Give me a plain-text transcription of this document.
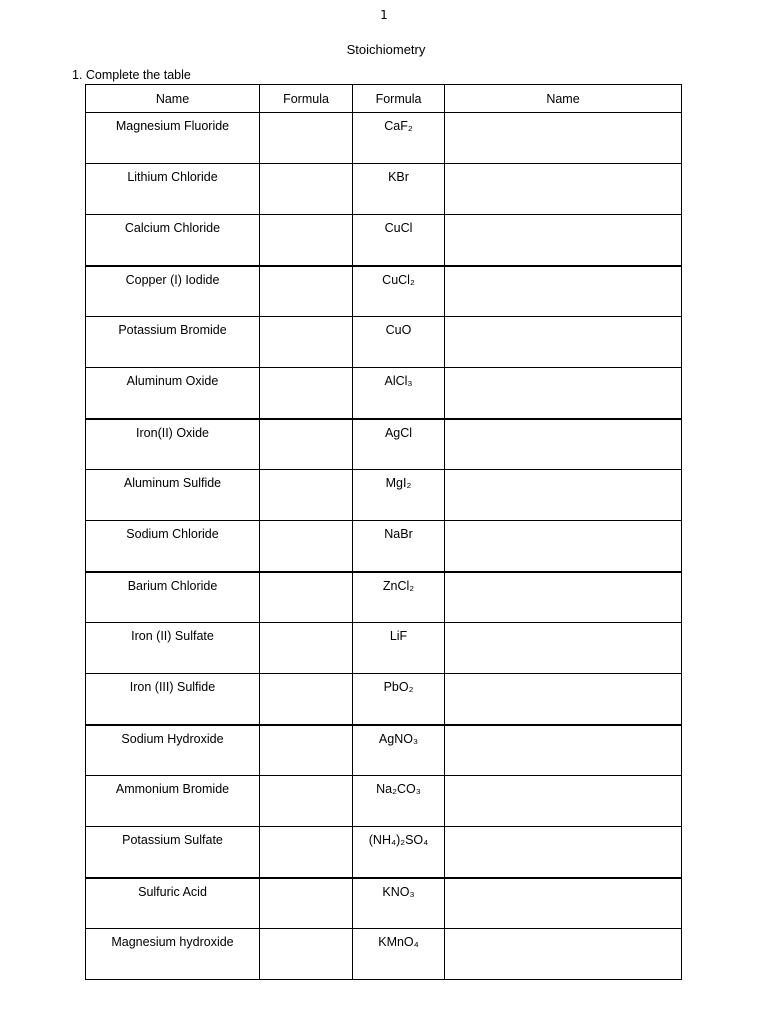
1
Stoichiometry
1. Complete the table
Name	Formula	Formula	Name
Magnesium Fluoride		CaF₂	
Lithium Chloride		KBr	
Calcium Chloride		CuCl	
Copper (I) Iodide		CuCl₂	
Potassium Bromide		CuO	
Aluminum Oxide		AlCl₃	
Iron(II) Oxide		AgCl	
Aluminum Sulfide		MgI₂	
Sodium Chloride		NaBr	
Barium Chloride		ZnCl₂	
Iron (II) Sulfate		LiF	
Iron (III) Sulfide		PbO₂	
Sodium Hydroxide		AgNO₃	
Ammonium Bromide		Na₂CO₃	
Potassium Sulfate		(NH₄)₂SO₄	
Sulfuric Acid		KNO₃	
Magnesium hydroxide		KMnO₄	
